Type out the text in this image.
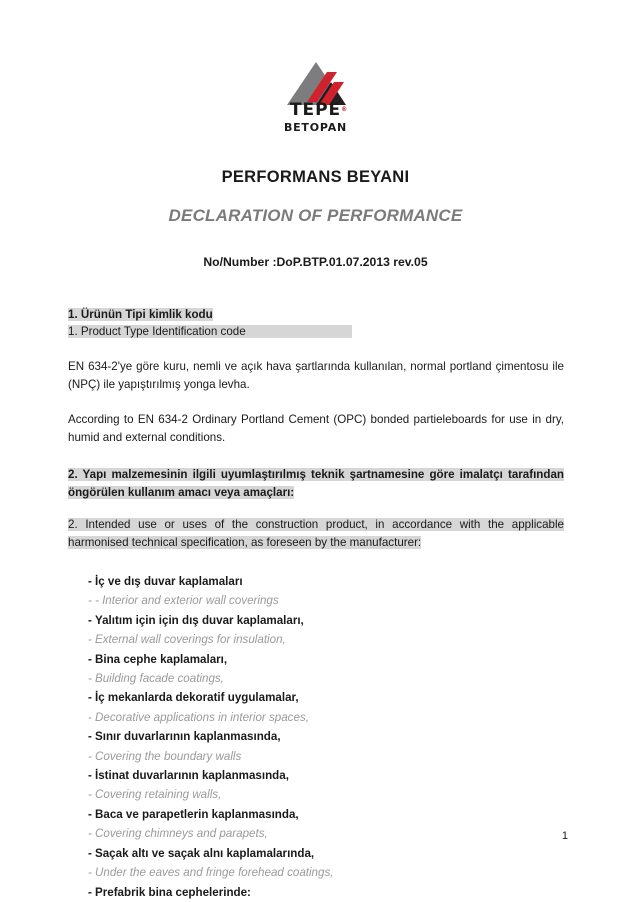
TEPE ®
BETOPAN
PERFORMANS BEYANI
DECLARATION OF PERFORMANCE
No/Number :DoP.BTP.01.07.2013 rev.05

1. Ürünün Tipi kimlik kodu

1. Product Type Identification code

EN 634-2'ye göre kuru, nemli ve açık hava şartlarında kullanılan, normal portland çimentosu ile (NPÇ) ile yapıştırılmış yonga levha.

According to EN 634-2 Ordinary Portland Cement (OPC) bonded partieleboards for use in dry, humid and external conditions.

2. Yapı malzemesinin ilgili uyumlaştırılmış teknik şartnamesine göre imalatçı tarafından öngörülen kullanım amacı veya amaçları:

2. Intended use or uses of the construction product, in accordance with the applicable harmonised technical specification, as foreseen by the manufacturer:

- İç ve dış duvar kaplamaları
- - Interior and exterior wall coverings
- Yalıtım için için dış duvar kaplamaları,
- External wall coverings for insulation,
- Bina cephe kaplamaları,
- Building facade coatings,
- İç mekanlarda dekoratif uygulamalar,
- Decorative applications in interior spaces,
- Sınır duvarlarının kaplanmasında,
- Covering the boundary walls
- İstinat duvarlarının kaplanmasında,
- Covering retaining walls,
- Baca ve parapetlerin kaplanmasında,
- Covering chimneys and parapets,
- Saçak altı ve saçak alnı kaplamalarında,
- Under the eaves and fringe forehead coatings,
- Prefabrik bina cephelerinde:
1
